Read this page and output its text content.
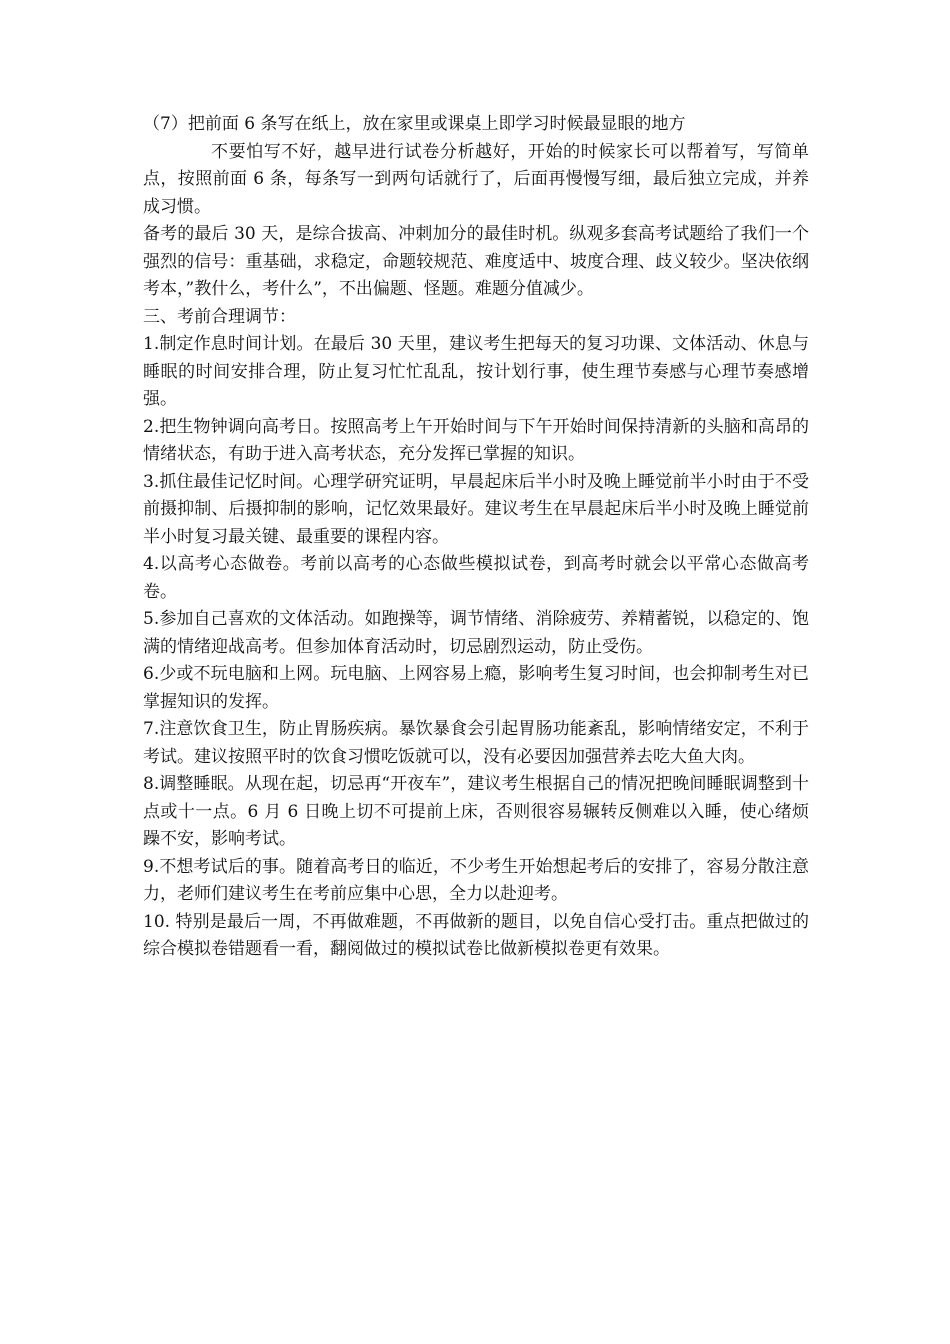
（7）把前面 6 条写在纸上，放在家里或课桌上即学习时候最显眼的地方

不要怕写不好，越早进行试卷分析越好，开始的时候家长可以帮着写，写简单点，按照前面 6 条，每条写一到两句话就行了，后面再慢慢写细，最后独立完成，并养成习惯。

备考的最后 30 天，是综合拔高、冲刺加分的最佳时机。纵观多套高考试题给了我们一个强烈的信号：重基础，求稳定，命题较规范、难度适中、坡度合理、歧义较少。坚决依纲考本，”教什么，考什么”，不出偏题、怪题。难题分值减少。

三、考前合理调节：

1.制定作息时间计划。在最后 30 天里，建议考生把每天的复习功课、文体活动、休息与睡眠的时间安排合理，防止复习忙忙乱乱，按计划行事，使生理节奏感与心理节奏感增强。

2.把生物钟调向高考日。按照高考上午开始时间与下午开始时间保持清新的头脑和高昂的情绪状态，有助于进入高考状态，充分发挥已掌握的知识。

3.抓住最佳记忆时间。心理学研究证明，早晨起床后半小时及晚上睡觉前半小时由于不受前摄抑制、后摄抑制的影响，记忆效果最好。建议考生在早晨起床后半小时及晚上睡觉前半小时复习最关键、最重要的课程内容。

4.以高考心态做卷。考前以高考的心态做些模拟试卷，到高考时就会以平常心态做高考卷。

5.参加自己喜欢的文体活动。如跑操等，调节情绪、消除疲劳、养精蓄锐，以稳定的、饱满的情绪迎战高考。但参加体育活动时，切忌剧烈运动，防止受伤。

6.少或不玩电脑和上网。玩电脑、上网容易上瘾，影响考生复习时间，也会抑制考生对已掌握知识的发挥。

7.注意饮食卫生，防止胃肠疾病。暴饮暴食会引起胃肠功能紊乱，影响情绪安定，不利于考试。建议按照平时的饮食习惯吃饭就可以，没有必要因加强营养去吃大鱼大肉。

8.调整睡眠。从现在起，切忌再“开夜车”，建议考生根据自己的情况把晚间睡眠调整到十点或十一点。6 月 6 日晚上切不可提前上床，否则很容易辗转反侧难以入睡，使心绪烦躁不安，影响考试。

9.不想考试后的事。随着高考日的临近，不少考生开始想起考后的安排了，容易分散注意力，老师们建议考生在考前应集中心思，全力以赴迎考。

10. 特别是最后一周，不再做难题，不再做新的题目，以免自信心受打击。重点把做过的综合模拟卷错题看一看，翻阅做过的模拟试卷比做新模拟卷更有效果。
